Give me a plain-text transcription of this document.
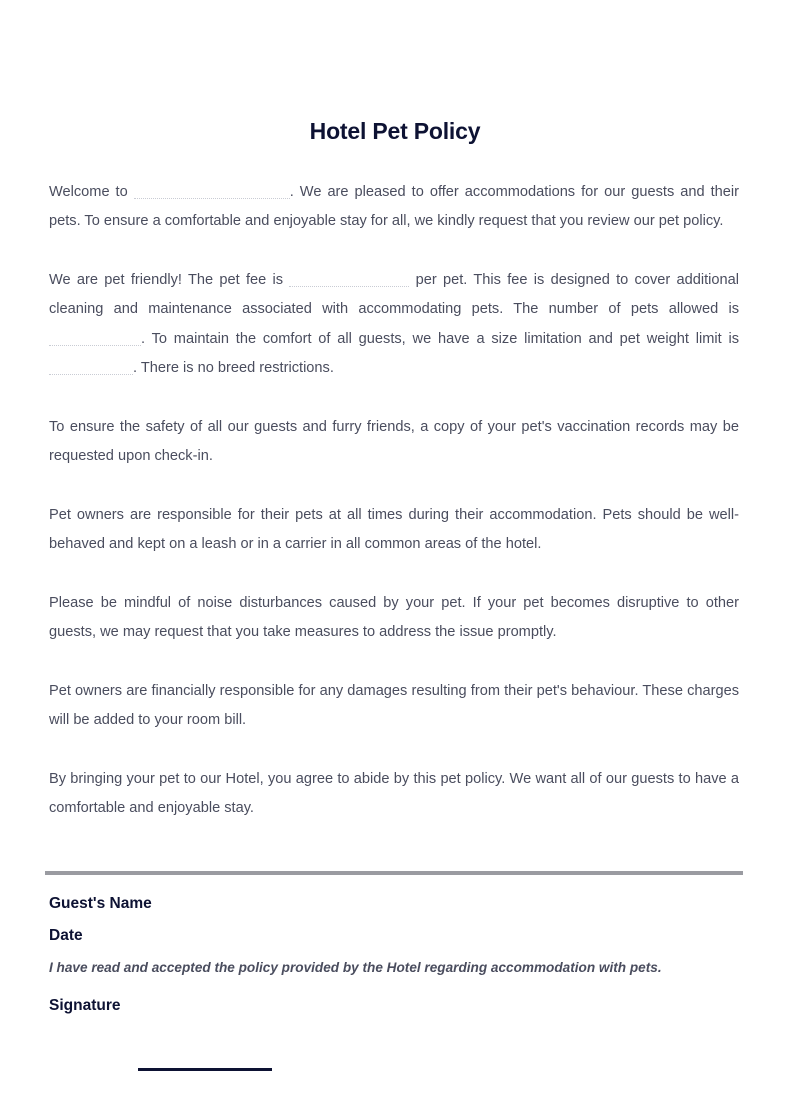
Hotel Pet Policy

Welcome to	. We are pleased to offer accommodations for our guests and their pets. To ensure a comfortable and enjoyable stay for all, we kindly request that you review our pet policy.

We are pet friendly! The pet fee is	per pet. This fee is designed to cover additional cleaning and maintenance associated with accommodating pets. The number of pets allowed is . To maintain the comfort of all guests, we have a size limitation and pet weight limit is . There is no breed restrictions.

To ensure the safety of all our guests and furry friends, a copy of your pet's vaccination records may be requested upon check-in.

Pet owners are responsible for their pets at all times during their accommodation. Pets should be well-behaved and kept on a leash or in a carrier in all common areas of the hotel.

Please be mindful of noise disturbances caused by your pet. If your pet becomes disruptive to other guests, we may request that you take measures to address the issue promptly.

Pet owners are financially responsible for any damages resulting from their pet's behaviour. These charges will be added to your room bill.

By bringing your pet to our Hotel, you agree to abide by this pet policy. We want all of our guests to have a comfortable and enjoyable stay.

Guest's Name

Date

I have read and accepted the policy provided by the Hotel regarding accommodation with pets.

Signature
